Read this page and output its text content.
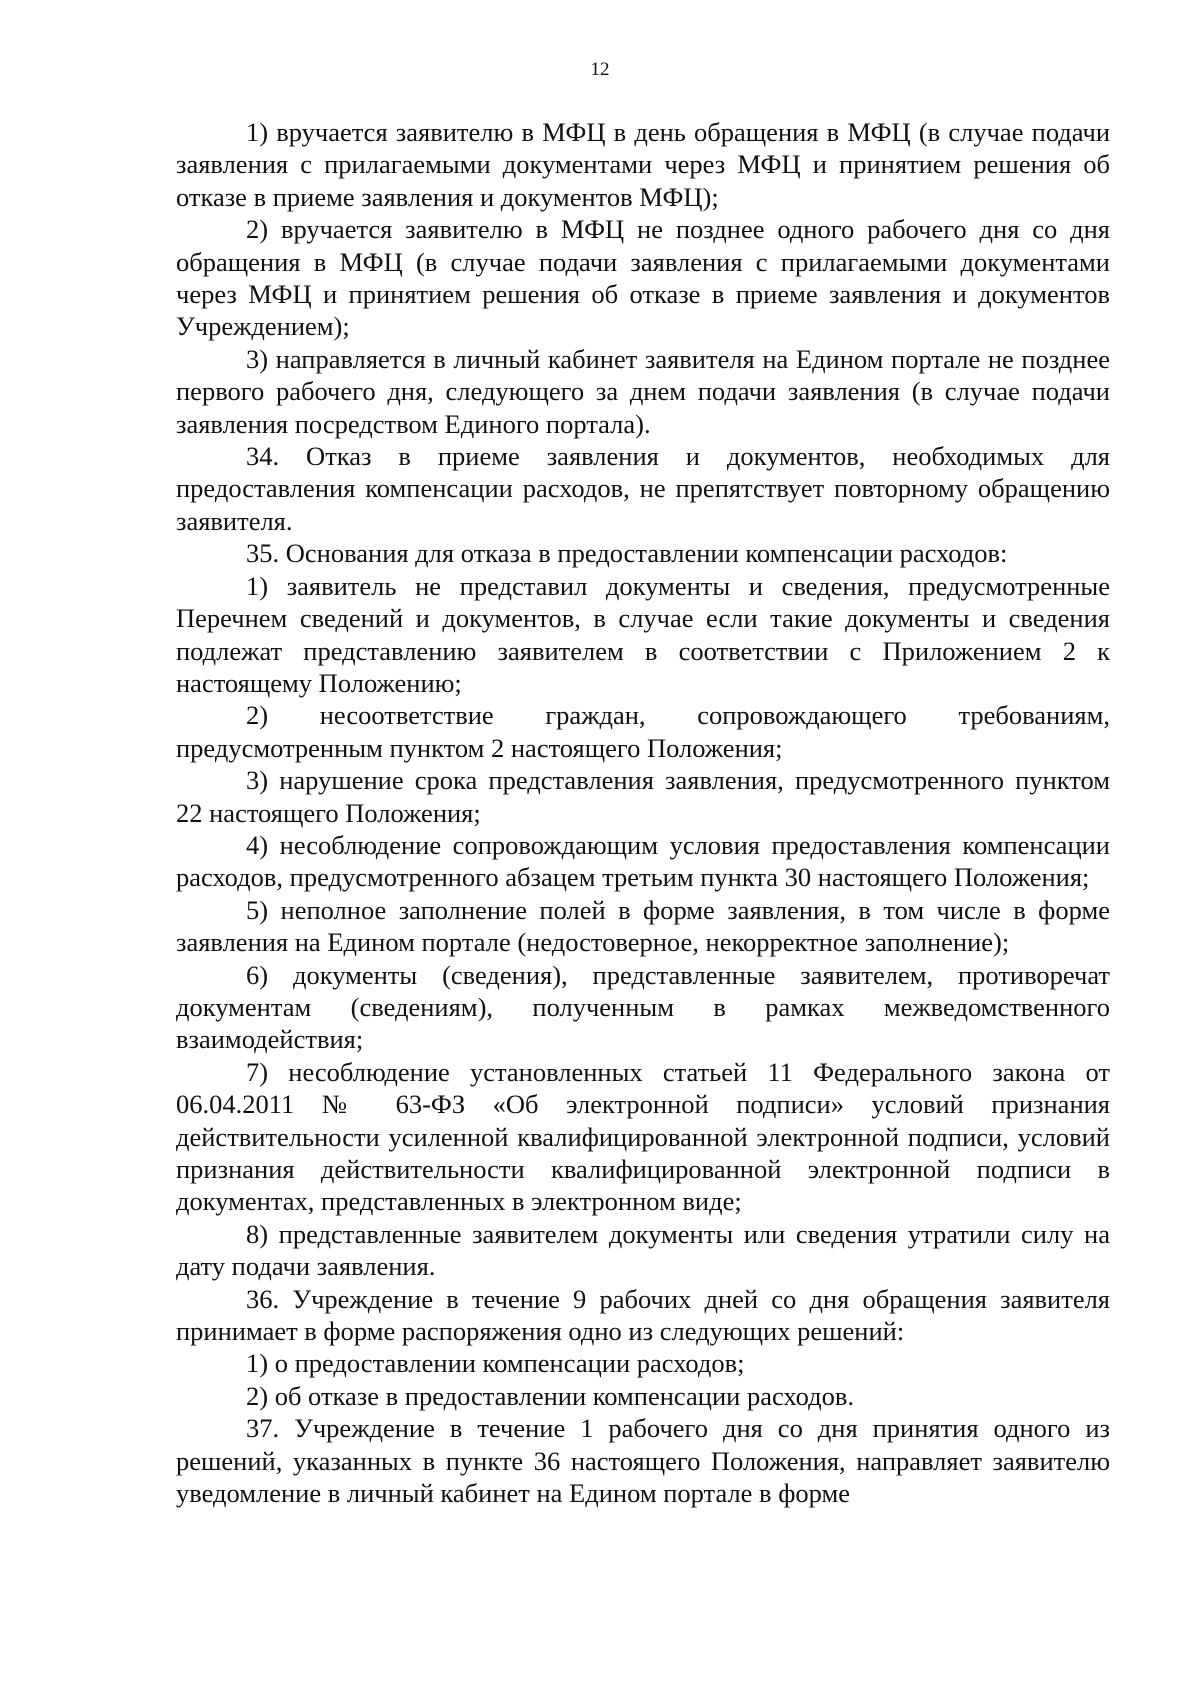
12

1) вручается заявителю в МФЦ в день обращения в МФЦ (в случае подачи заявления с прилагаемыми документами через МФЦ и принятием решения об отказе в приеме заявления и документов МФЦ);

2) вручается заявителю в МФЦ не позднее одного рабочего дня со дня обращения в МФЦ (в случае подачи заявления с прилагаемыми документами через МФЦ и принятием решения об отказе в приеме заявления и документов Учреждением);

3) направляется в личный кабинет заявителя на Едином портале не позднее первого рабочего дня, следующего за днем подачи заявления (в случае подачи заявления посредством Единого портала).

34. Отказ в приеме заявления и документов, необходимых для предоставления компенсации расходов, не препятствует повторному обращению заявителя.

35. Основания для отказа в предоставлении компенсации расходов:

1) заявитель не представил документы и сведения, предусмотренные Перечнем сведений и документов, в случае если такие документы и сведения подлежат представлению заявителем в соответствии с Приложением 2 к настоящему Положению;

2) несоответствие граждан, сопровождающего требованиям, предусмотренным пунктом 2 настоящего Положения;

3) нарушение срока представления заявления, предусмотренного пунктом 22 настоящего Положения;

4) несоблюдение сопровождающим условия предоставления компенсации расходов, предусмотренного абзацем третьим пункта 30 настоящего Положения;

5) неполное заполнение полей в форме заявления, в том числе в форме заявления на Едином портале (недостоверное, некорректное заполнение);

6) документы (сведения), представленные заявителем, противоречат документам (сведениям), полученным в рамках межведомственного взаимодействия;

7) несоблюдение установленных статьей 11 Федерального закона от 06.04.2011 № 63-ФЗ «Об электронной подписи» условий признания действительности усиленной квалифицированной электронной подписи, условий признания действительности квалифицированной электронной подписи в документах, представленных в электронном виде;

8) представленные заявителем документы или сведения утратили силу на дату подачи заявления.

36. Учреждение в течение 9 рабочих дней со дня обращения заявителя принимает в форме распоряжения одно из следующих решений:

1) о предоставлении компенсации расходов;

2) об отказе в предоставлении компенсации расходов.

37. Учреждение в течение 1 рабочего дня со дня принятия одного из решений, указанных в пункте 36 настоящего Положения, направляет заявителю уведомление в личный кабинет на Едином портале в форме
